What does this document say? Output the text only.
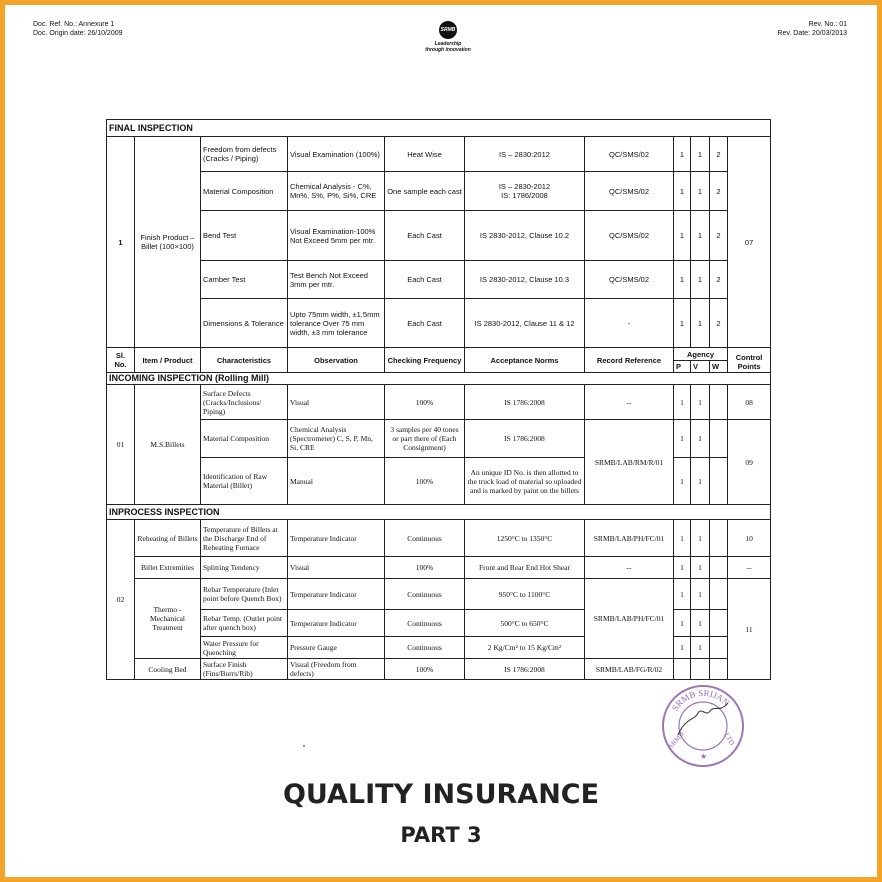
Doc. Ref. No.: Annexure 1
Doc. Origin date: 26/10/2009	SRMB
Leadership
through innovation
Rev. No.: 01
Rev. Date: 20/03/2013
FINAL INSPECTION										
1	Finish Product – Billet (100×100)	Freedom from defects (Cracks / Piping)	Visual Examination (100%)	Heat Wise	IS – 2830:2012	QC/SMS/02	1	1	2	07
		Material Composition	Chemical Analysis - C%, Mn%, S%, P%, Si%, CRE	One sample each cast	IS – 2830-2012
IS: 1786/2008	QC/SMS/02	1	1	2	
		Bend Test	Visual Examination-100% Not Exceed 5mm per mtr.	Each Cast	IS 2830-2012, Clause 10.2	QC/SMS/02	1	1	2	
		Camber Test	Test Bench Not Exceed 3mm per mtr.	Each Cast	IS 2830-2012, Clause 10.3	QC/SMS/02	1	1	2	
		Dimensions & Tolerance	Upto 75mm width, ±1.5mm tolerance Over 75 mm width, ±3 mm tolerance	Each Cast	IS 2830-2012, Clause 11 & 12	-	1	1	2	
Sl. No.	Item / Product	Characteristics	Observation	Checking Frequency	Acceptance Norms	Record Reference	Agency			Control Points
							P	V	W	
INCOMING INSPECTION (Rolling Mill)										
01	M.S.Billets	Surface Defects (Cracks/Inclusions/ Piping)	Visual	100%	IS 1786:2008	--	1	1		08
		Material Composition	Chemical Analysis (Spectrometer) C, S, P, Mn, Si, CRE	3 samples per 40 tones or part there of (Each Consignment)	IS 1786:2008	SRMB/LAB/RM/R/01	1	1		09
		Identification of Raw Material (Billet)	Manual	100%	An unique ID No. is then allotted to the truck load of material so uploaded and is marked by paint on the billets		1	1		
INPROCESS INSPECTION										
02	Reheating of Billets	Temperature of Billets at the Discharge End of Reheating Furnace	Temperature Indicator	Continuous	1250°C to 1350°C	SRMB/LAB/PH/FC/01	1	1		10
	Billet Extremities	Splitting Tendency	Visual	100%	Front and Rear End Hot Shear	--	1	1		--
	Thermo - Mechanical Treatment	Rebar Temperature (Inlet point before Quench Box)	Temperature Indicator	Continuous	950°C to 1100°C	SRMB/LAB/PH/FC/01	1	1		11
		Rebar Temp. (Outlet point after quench box)	Temperature Indicator	Continuous	500°C to 650°C		1	1		
		Water Pressure for Quenching	Pressure Gauge	Continuous	2 Kg/Cm² to 15 Kg/Cm²		1	1		
	Cooling Bed	Surface Finish (Fins/Burrs/Rib)	Visual (Freedom from defects)	100%	IS 1786:2008	SRMB/LAB/FG/R/02				
SRMB SRIJAN
SRMB	LTD
★
QUALITY INSURANCE
PART 3
